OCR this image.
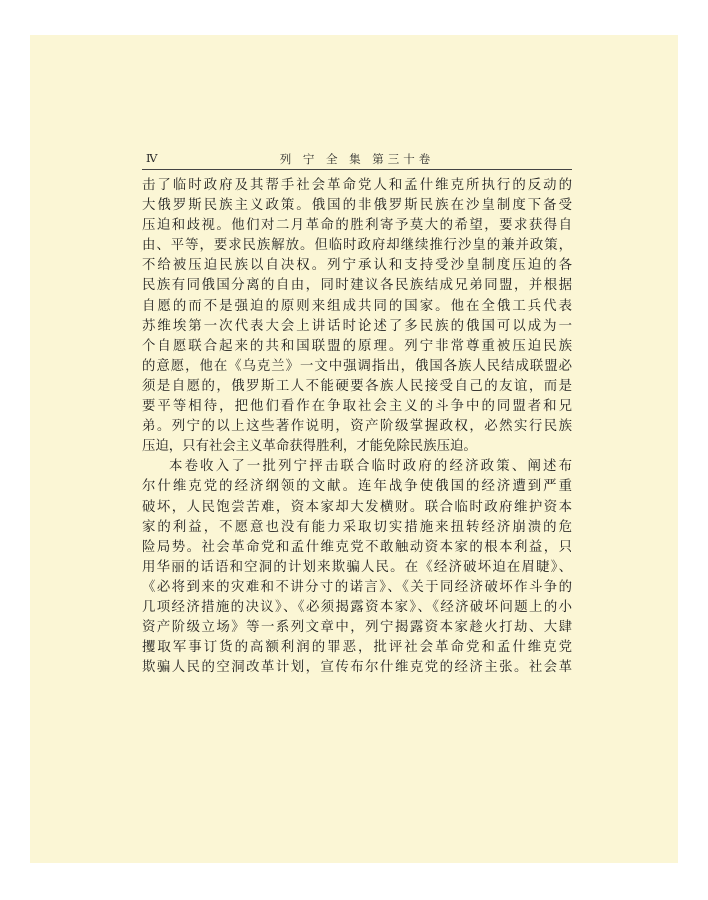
Ⅳ	列 宁 全 集 第三十卷
击了临时政府及其帮手社会革命党人和孟什维克所执行的反动的
大俄罗斯民族主义政策。俄国的非俄罗斯民族在沙皇制度下备受
压迫和歧视。他们对二月革命的胜利寄予莫大的希望，要求获得自
由、平等，要求民族解放。但临时政府却继续推行沙皇的兼并政策，
不给被压迫民族以自决权。列宁承认和支持受沙皇制度压迫的各
民族有同俄国分离的自由，同时建议各民族结成兄弟同盟，并根据
自愿的而不是强迫的原则来组成共同的国家。他在全俄工兵代表
苏维埃第一次代表大会上讲话时论述了多民族的俄国可以成为一
个自愿联合起来的共和国联盟的原理。列宁非常尊重被压迫民族
的意愿，他在《乌克兰》一文中强调指出，俄国各族人民结成联盟必
须是自愿的，俄罗斯工人不能硬要各族人民接受自己的友谊，而是
要平等相待，把他们看作在争取社会主义的斗争中的同盟者和兄
弟。列宁的以上这些著作说明，资产阶级掌握政权，必然实行民族
压迫，只有社会主义革命获得胜利，才能免除民族压迫。
本卷收入了一批列宁抨击联合临时政府的经济政策、阐述布
尔什维克党的经济纲领的文献。连年战争使俄国的经济遭到严重
破坏，人民饱尝苦难，资本家却大发横财。联合临时政府维护资本
家的利益，不愿意也没有能力采取切实措施来扭转经济崩溃的危
险局势。社会革命党和孟什维克党不敢触动资本家的根本利益，只
用华丽的话语和空洞的计划来欺骗人民。在《经济破坏迫在眉睫》、
《必将到来的灾难和不讲分寸的诺言》、《关于同经济破坏作斗争的
几项经济措施的决议》、《必须揭露资本家》、《经济破坏问题上的小
资产阶级立场》等一系列文章中，列宁揭露资本家趁火打劫、大肆
攫取军事订货的高额利润的罪恶，批评社会革命党和孟什维克党
欺骗人民的空洞改革计划，宣传布尔什维克党的经济主张。社会革
